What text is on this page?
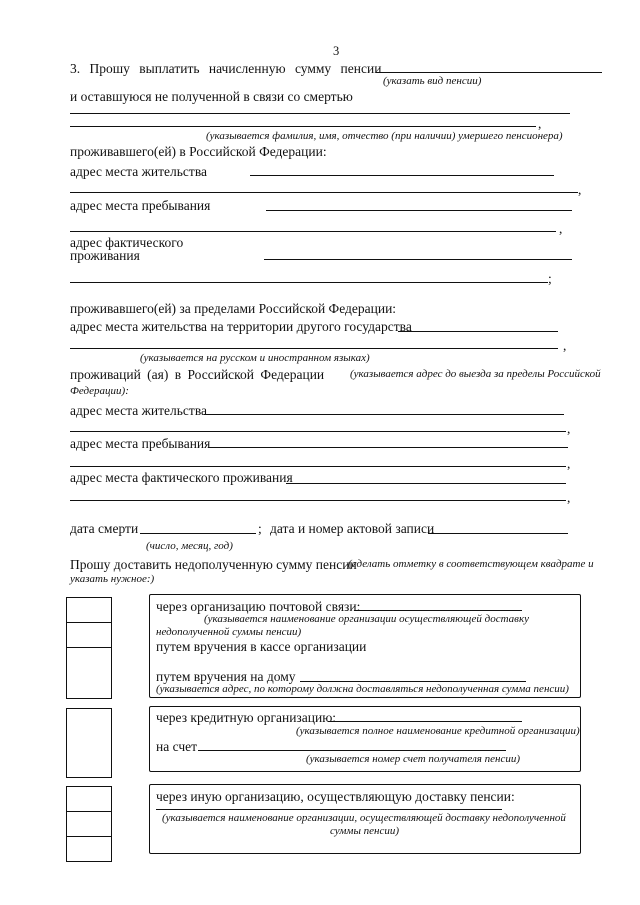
3
3. Прошу выплатить начисленную сумму пенсии
(указать вид пенсии)
и оставшуюся не полученной в связи со смертью
,
(указывается фамилия, имя, отчество (при наличии) умершего пенсионера)
проживавшего(ей) в Российской Федерации:
адрес места жительства
,
адрес места пребывания
,
адрес фактического
проживания
;
проживавшего(ей) за пределами Российской Федерации:
адрес места жительства на территории другого государства
,
(указывается на русском и иностранном языках)
проживаций (ая) в Российской Федерации (указывается адрес до выезда за пределы Российской
Федерации):
адрес места жительства
,
адрес места пребывания
,
адрес места фактического проживания
,
дата смерти	; дата и номер актовой записи
(число, месяц, год)
Прошу доставить недополученную сумму пенсии
(сделать отметку в соответствующем квадрате и
указать нужное:)
через организацию почтовой связи:
(указывается наименование организации осуществляющей доставку
недополученной суммы пенсии)
путем вручения в кассе организации
путем вручения на дому
(указывается адрес, по которому должна доставляться недополученная сумма пенсии)
через кредитную организацию:
(указывается полное наименование кредитной организации)
на счет
(указывается номер счет получателя пенсии)
через иную организацию, осуществляющую доставку пенсии:
(указывается наименование организации, осуществляющей доставку недополученной
суммы пенсии)
